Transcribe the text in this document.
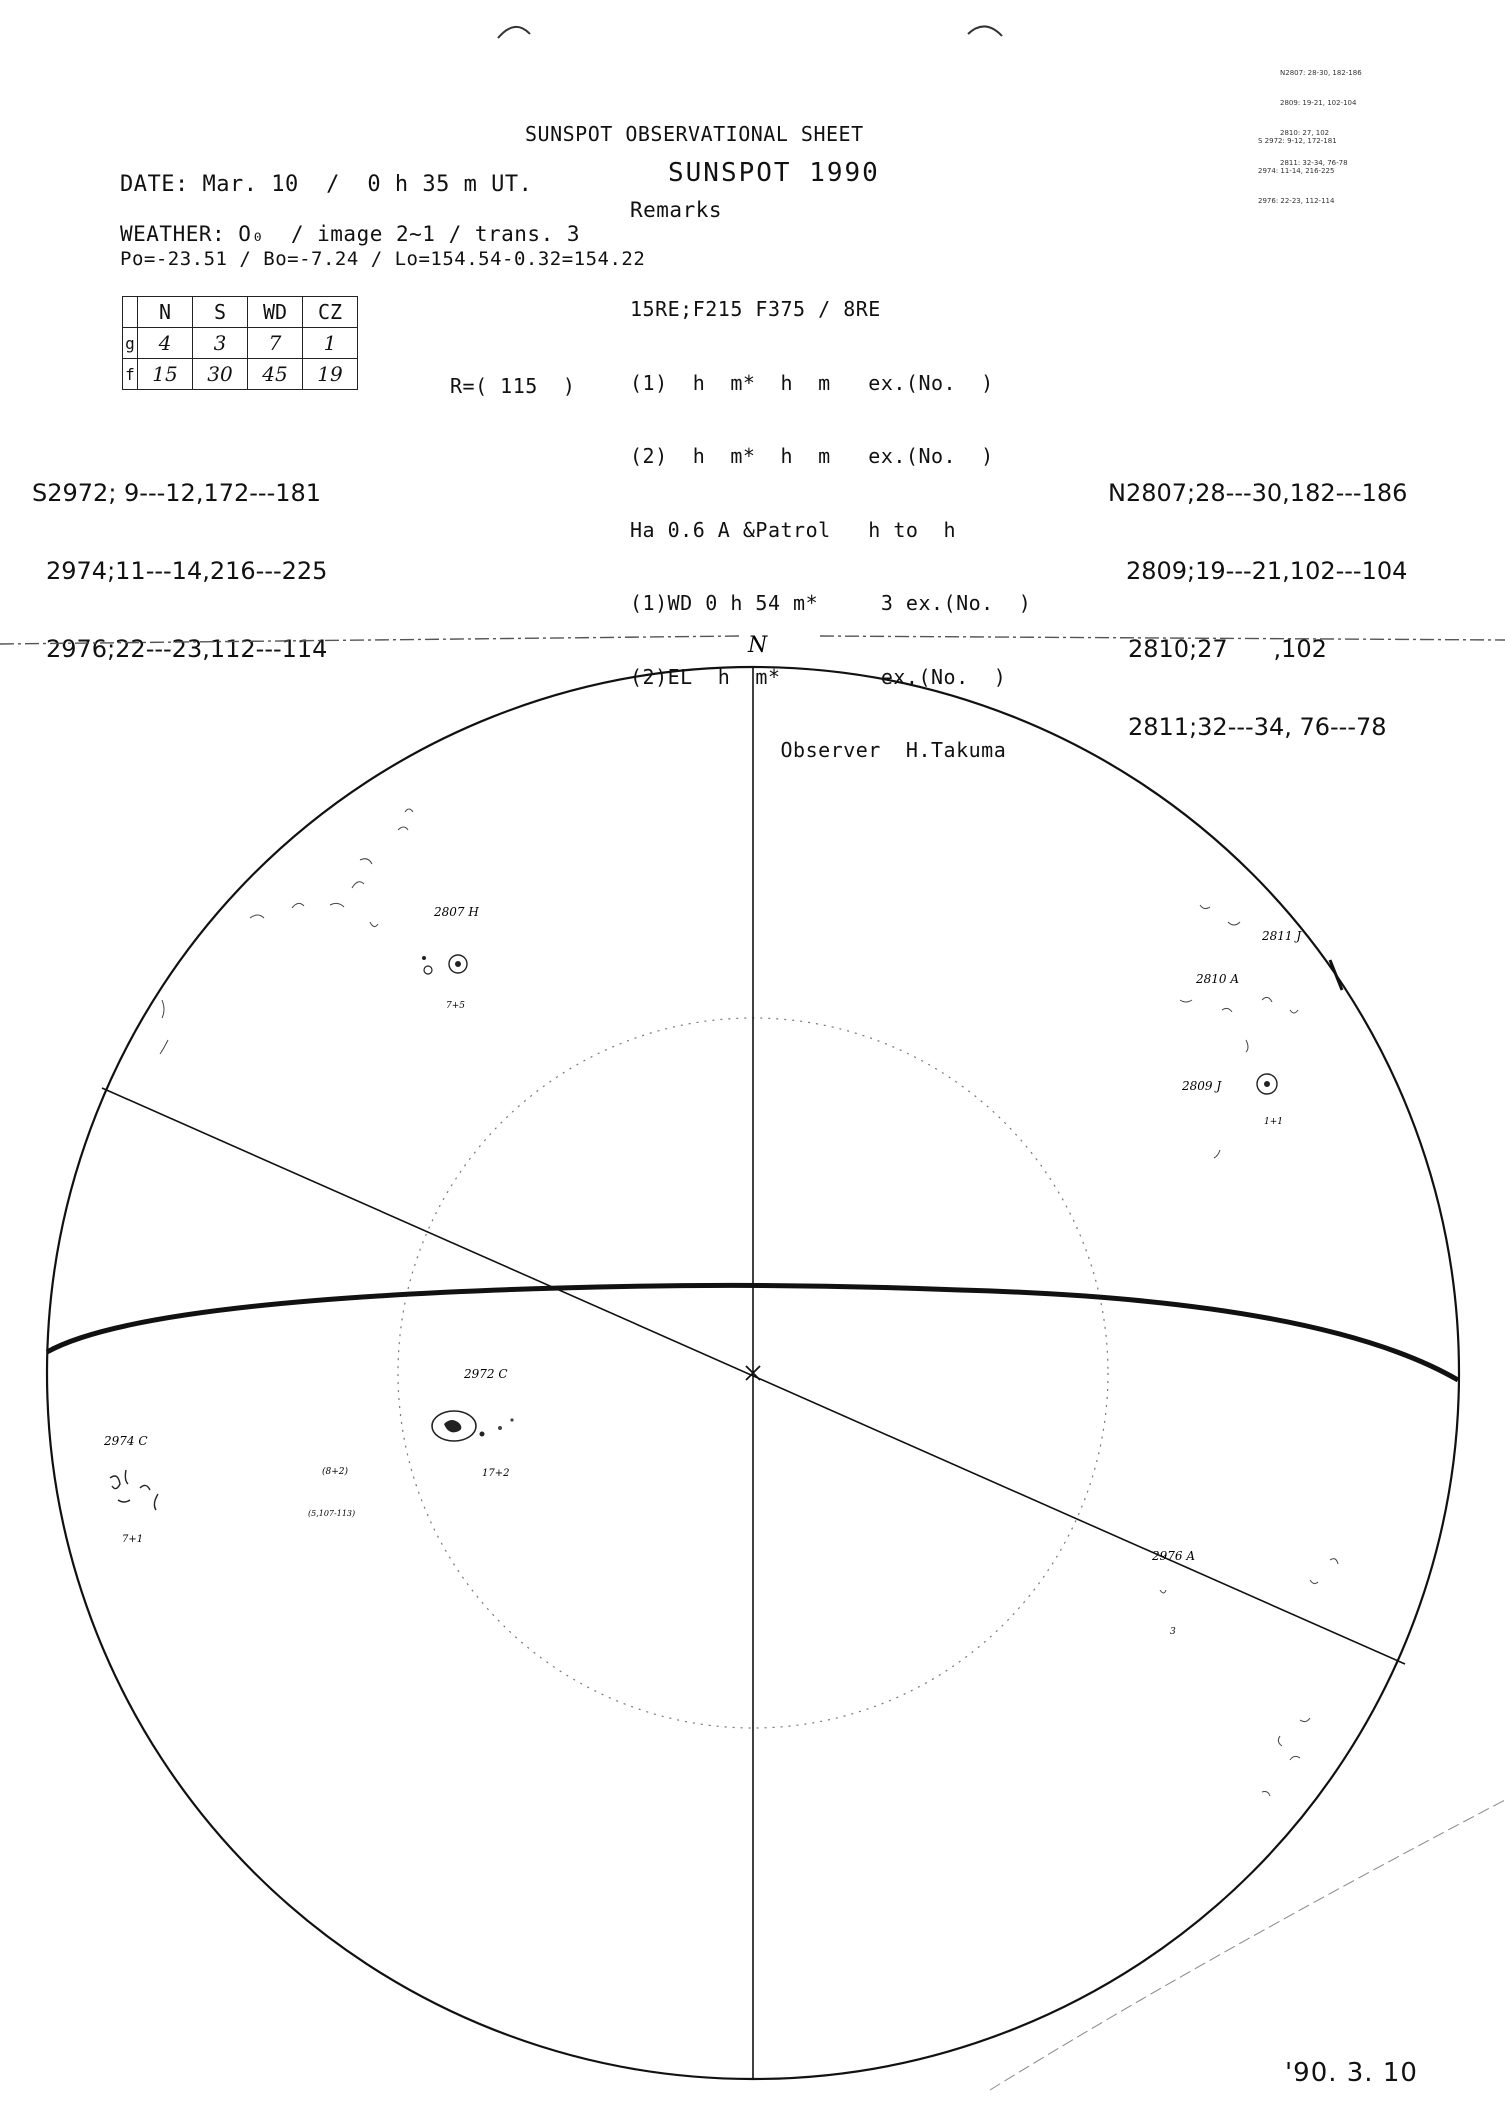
SUNSPOT OBSERVATIONAL SHEET
SUNSPOT 1990
DATE: Mar. 10  /  0 h 35 m UT.
WEATHER: O₀  / image 2~1 / trans. 3
Po=-23.51 / Bo=-7.24 / Lo=154.54-0.32=154.22
Remarks

15RE;F215 F375 / 8RE

(1)  h  m*  h  m   ex.(No.  )

(2)  h  m*  h  m   ex.(No.  )

Ha 0.6 A &Patrol   h to  h

(1)WD 0 h 54 m*     3 ex.(No.  )

(2)EL  h  m*        ex.(No.  )

Observer  H.Takuma

	N	S	WD	CZ
g	4	3	7	1
f	15	30	45	19	R=( 115  )

S2972; 9---12,172---181

2974;11---14,216---225

2976;22---23,112---114

N2807;28---30,182---186

2809;19---21,102---104

2810;27      ,102

2811;32---34, 76---78

N2807: 28-30, 182-186

2809: 19-21, 102-104

2810: 27, 102

2811: 32-34, 76-78

S 2972: 9-12, 172-181

2974: 11-14, 216-225

2976: 22-23, 112-114

N
2807 H
7+5
2811 J
2810 A
2809 J
1+1
2972 C
17+2
(8+2)
(5,107-113)
2974 C
7+1
2976 A
3
'90. 3. 10
